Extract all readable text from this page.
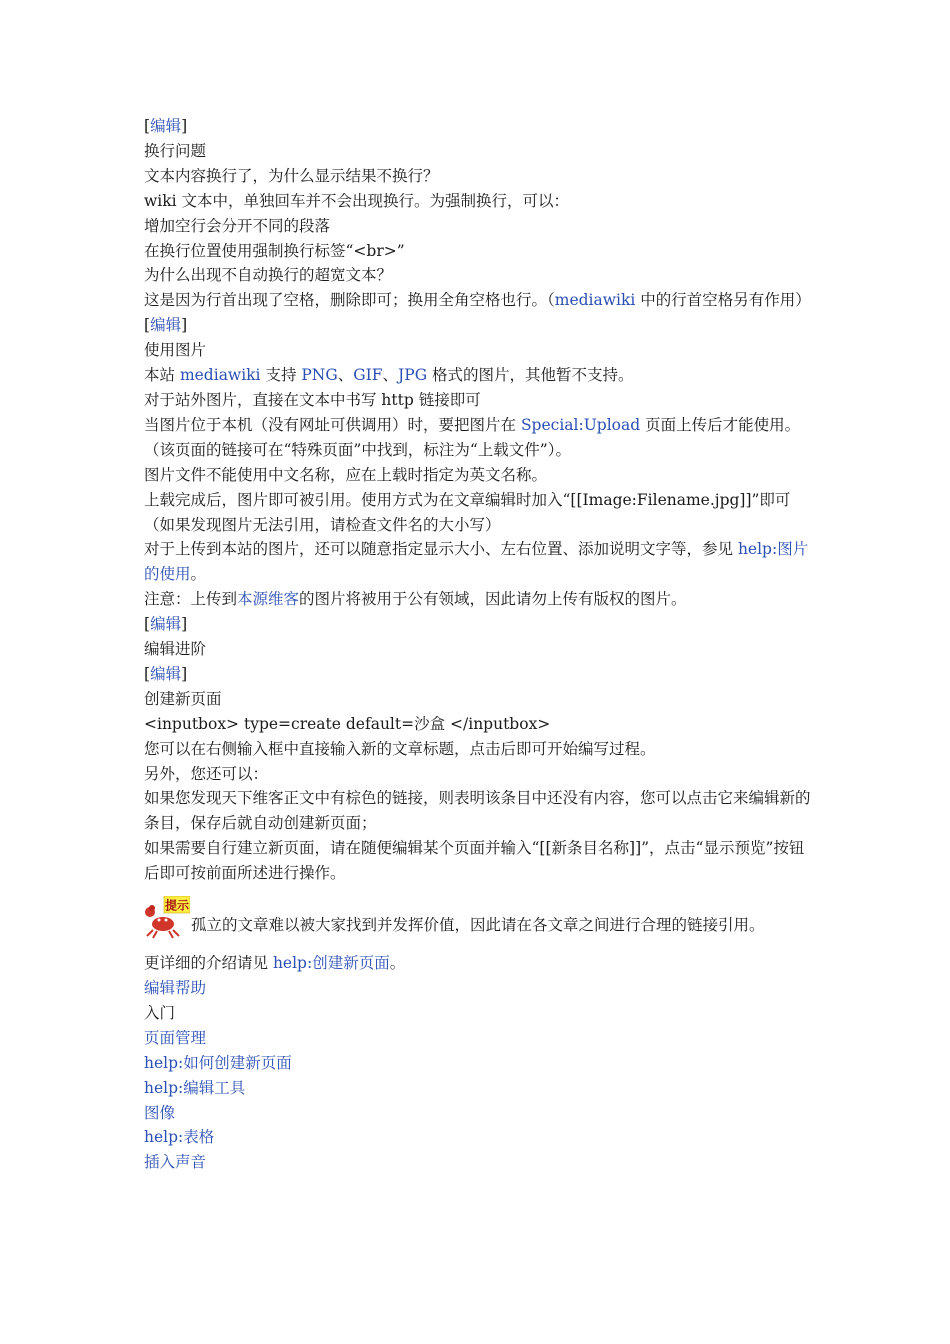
[编辑]
换行问题
文本内容换行了，为什么显示结果不换行？
wiki 文本中，单独回车并不会出现换行。为强制换行，可以：
增加空行会分开不同的段落
在换行位置使用强制换行标签“<br>”
为什么出现不自动换行的超宽文本？
这是因为行首出现了空格，删除即可；换用全角空格也行。（mediawiki 中的行首空格另有作用）
[编辑]
使用图片
本站 mediawiki 支持 PNG、GIF、JPG 格式的图片，其他暂不支持。
对于站外图片，直接在文本中书写 http 链接即可
当图片位于本机（没有网址可供调用）时，要把图片在 Special:Upload 页面上传后才能使用。（该页面的链接可在“特殊页面”中找到，标注为“上载文件”）。
图片文件不能使用中文名称，应在上载时指定为英文名称。
上载完成后，图片即可被引用。使用方式为在文章编辑时加入“[[Image:Filename.jpg]]”即可（如果发现图片无法引用，请检查文件名的大小写）
对于上传到本站的图片，还可以随意指定显示大小、左右位置、添加说明文字等，参见 help:图片的使用。
注意：上传到本源维客的图片将被用于公有领域，因此请勿上传有版权的图片。
[编辑]
编辑进阶
[编辑]
创建新页面
<inputbox> type=create default=沙盒 </inputbox>
您可以在右侧输入框中直接输入新的文章标题，点击后即可开始编写过程。
另外，您还可以：
如果您发现天下维客正文中有棕色的链接，则表明该条目中还没有内容，您可以点击它来编辑新的条目，保存后就自动创建新页面；
如果需要自行建立新页面，请在随便编辑某个页面并输入“[[新条目名称]]”，点击“显示预览”按钮后即可按前面所述进行操作。
提示
孤立的文章难以被大家找到并发挥价值，因此请在各文章之间进行合理的链接引用。
更详细的介绍请见 help:创建新页面。
编辑帮助
入门
页面管理
help:如何创建新页面
help:编辑工具
图像
help:表格
插入声音
